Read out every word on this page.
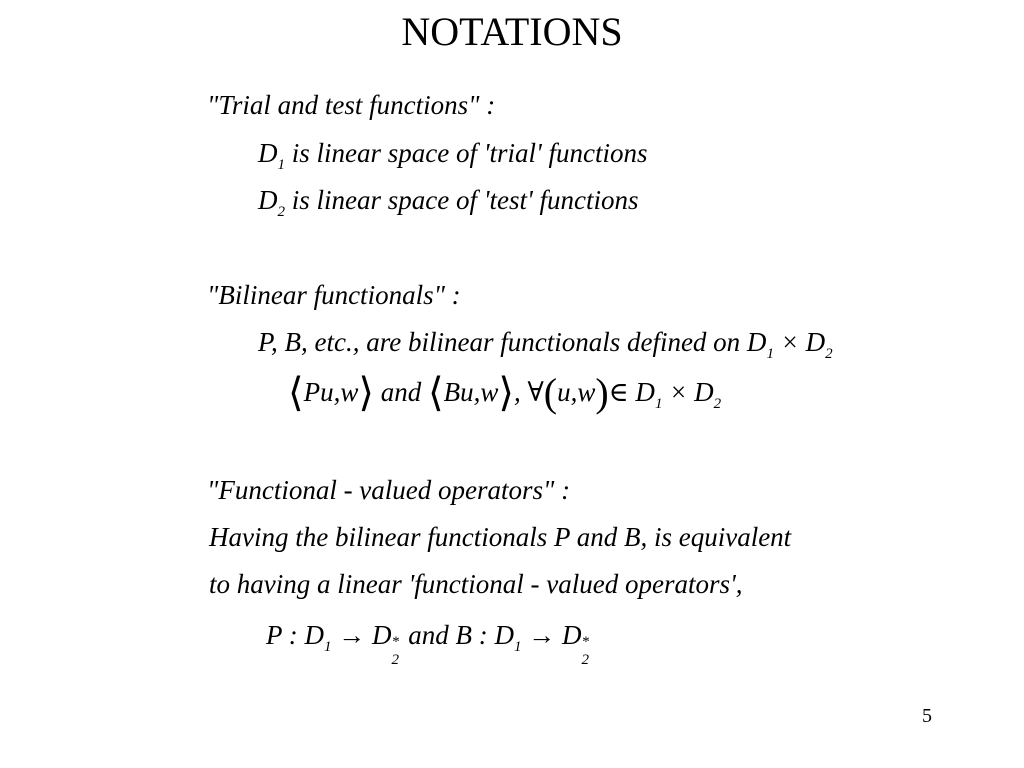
NOTATIONS
"Trial and test functions" :
$D_1$ is linear space of 'trial' functions
$D_2$ is linear space of 'test' functions
"Bilinear functionals" :
P, B, etc., are bilinear functionals defined on $D_1 \times D_2$
⟨Pu,w⟩ and ⟨Bu,w⟩, ∀(u,w)∈ $D_1 \times D_2$
"Functional - valued operators" :
Having the bilinear functionals P and B, is equivalent
to having a linear 'functional - valued operators',
P : $D_1 \to D$ *
2
and B : $D_1 \to D$ *
2
5
